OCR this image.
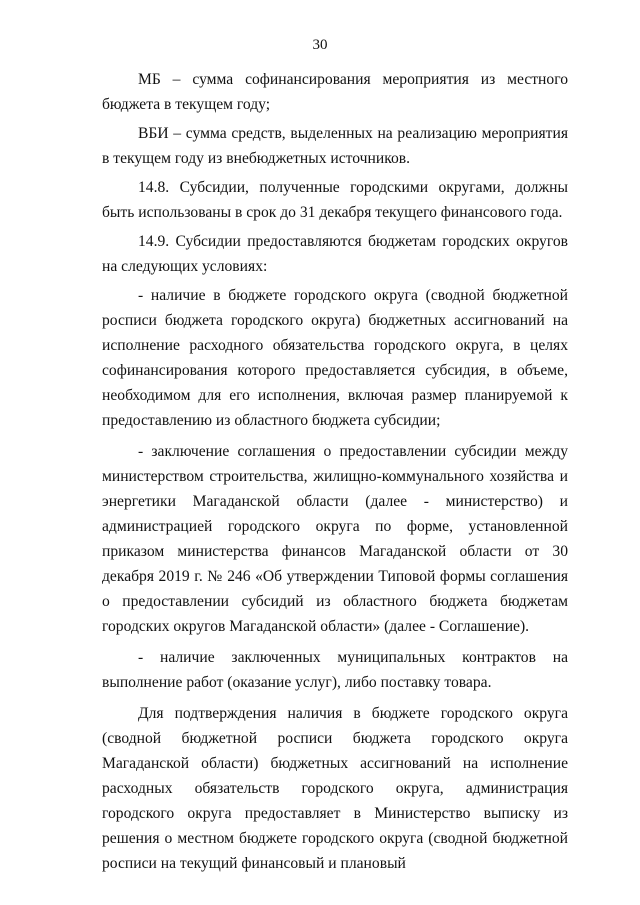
30

МБ – сумма софинансирования мероприятия из местного бюджета в текущем году;

ВБИ – сумма средств, выделенных на реализацию мероприятия в текущем году из внебюджетных источников.

14.8. Субсидии, полученные городскими округами, должны быть использованы в срок до 31 декабря текущего финансового года.

14.9. Субсидии предоставляются бюджетам городских округов на следующих условиях:

- наличие в бюджете городского округа (сводной бюджетной росписи бюджета городского округа) бюджетных ассигнований на исполнение расходного обязательства городского округа, в целях софинансирования которого предоставляется субсидия, в объеме, необходимом для его исполнения, включая размер планируемой к предоставлению из областного бюджета субсидии;

- заключение соглашения о предоставлении субсидии между министерством строительства, жилищно-коммунального хозяйства и энергетики Магаданской области (далее - министерство) и администрацией городского округа по форме, установленной приказом министерства финансов Магаданской области от 30 декабря 2019 г. № 246 «Об утверждении Типовой формы соглашения о предоставлении субсидий из областного бюджета бюджетам городских округов Магаданской области» (далее - Соглашение).

- наличие заключенных муниципальных контрактов на выполнение работ (оказание услуг), либо поставку товара.

Для подтверждения наличия в бюджете городского округа (сводной бюджетной росписи бюджета городского округа Магаданской области) бюджетных ассигнований на исполнение расходных обязательств городского округа, администрация городского округа предоставляет в Министерство выписку из решения о местном бюджете городского округа (сводной бюджетной росписи на текущий финансовый и плановый
